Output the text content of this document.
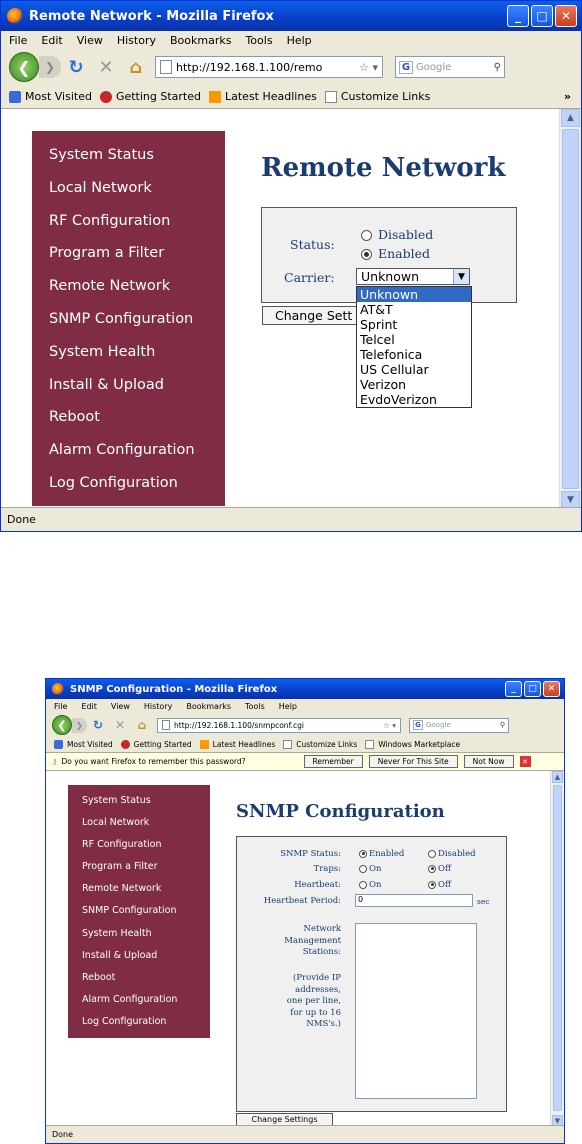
Remote Network - Mozilla Firefox	_	□	✕
File Edit View History Bookmarks Tools Help
❮	❯ ↻ ✕ ⌂	http://192.168.1.100/remo	☆ ▾ G Google	⚲
Most Visited Getting Started Latest Headlines Customize Links	»
System Status
Local Network
RF Configuration
Program a Filter
Remote Network
SNMP Configuration
System Health
Install & Upload
Reboot
Alarm Configuration
Log Configuration
Remote Network
Status:
Disabled
Enabled
Carrier:	Unknown	▼
Change Sett
Unknown
AT&T
Sprint
Telcel
Telefonica
US Cellular
Verizon
EvdoVerizon
▲
▼
Done
SNMP Configuration - Mozilla Firefox	_	□	✕
File Edit View History Bookmarks Tools Help
❮	❯ ↻ ✕	⌂	http://192.168.1.100/snmpconf.cgi	☆ ▾	G Google	⚲
Most Visited	Getting Started	Latest Headlines	Customize Links	Windows Marketplace
⚷ Do you want Firefox to remember this password?	Remember	Never For This Site	Not Now	✕
System Status
Local Network
RF Configuration
Program a Filter
Remote Network
SNMP Configuration
System Health
Install & Upload
Reboot
Alarm Configuration
Log Configuration
SNMP Configuration
SNMP Status:	Enabled	Disabled
Traps:	On	Off
Heartbeat:	On	Off
Heartbeat Period:	0	sec
Network
Management
Stations:
(Provide IP
addresses,
one per line,
for up to 16
NMS's.)
Change Settings
▲
▼
Done
